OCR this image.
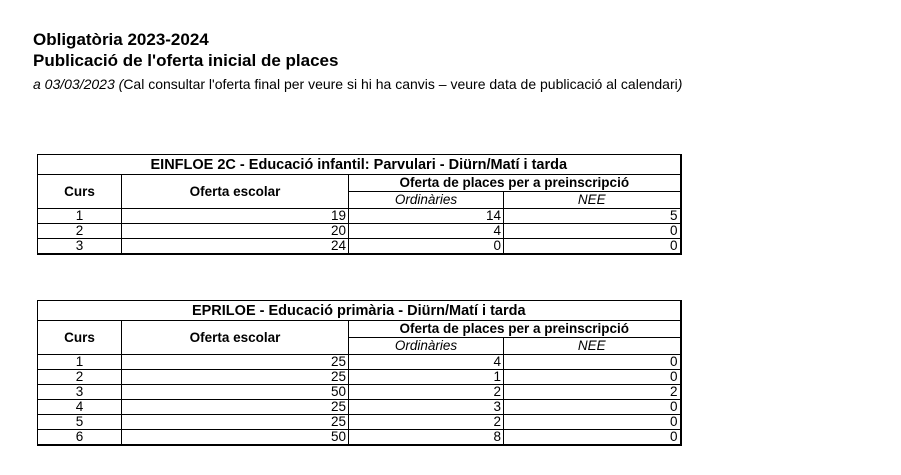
Obligatòria 2023-2024
Publicació de l'oferta inicial de places
a 03/03/2023 (Cal consultar l'oferta final per veure si hi ha canvis – veure data de publicació al calendari)
EINFLOE 2C - Educació infantil: Parvulari - Diürn/Matí i tarda			
Curs	Oferta escolar	Oferta de places per a preinscripció	
		Ordinàries	NEE
1	19	14	5
2	20	4	0
3	24	0	0
EPRILOE - Educació primària - Diürn/Matí i tarda			
Curs	Oferta escolar	Oferta de places per a preinscripció	
		Ordinàries	NEE
1	25	4	0
2	25	1	0
3	50	2	2
4	25	3	0
5	25	2	0
6	50	8	0
